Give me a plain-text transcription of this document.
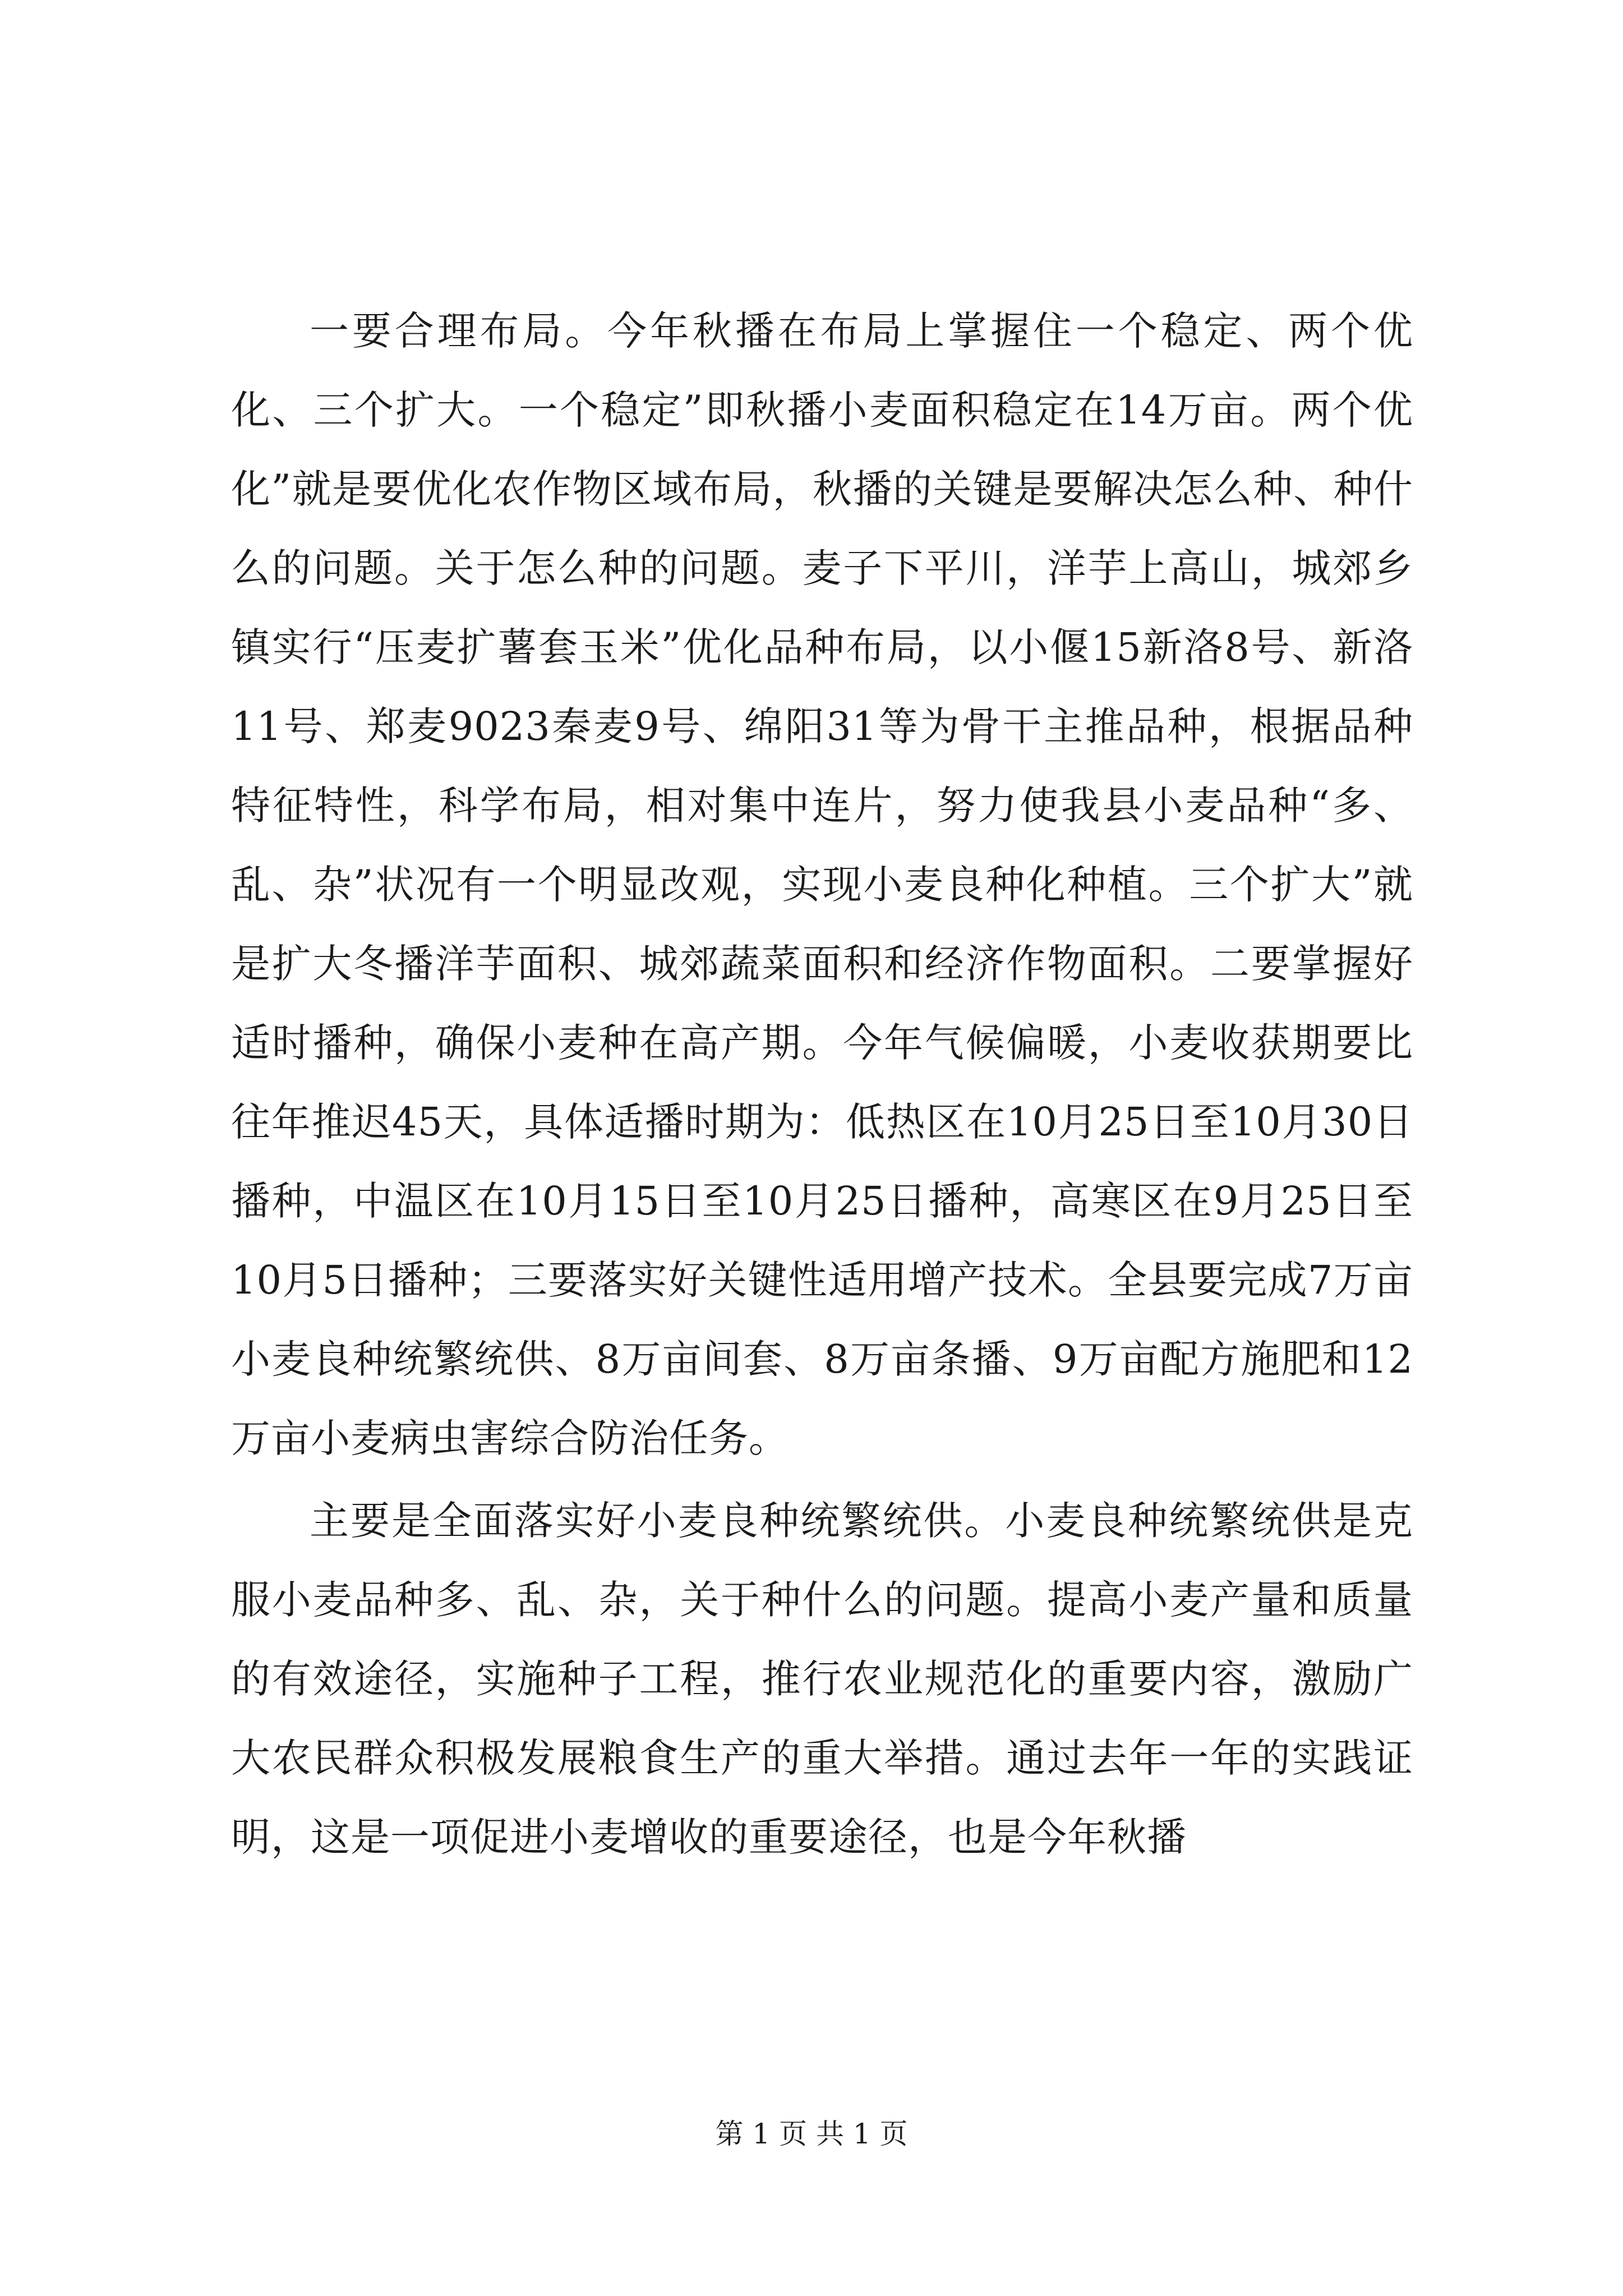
一要合理布局。今年秋播在布局上掌握住一个稳定、两个优化、三个扩大。一个稳定”即秋播小麦面积稳定在14万亩。两个优化”就是要优化农作物区域布局，秋播的关键是要解决怎么种、种什么的问题。关于怎么种的问题。麦子下平川，洋芋上高山，城郊乡镇实行“压麦扩薯套玉米”优化品种布局，以小偃15新洛8号、新洛11号、郑麦9023秦麦9号、绵阳31等为骨干主推品种，根据品种特征特性，科学布局，相对集中连片，努力使我县小麦品种“多、乱、杂”状况有一个明显改观，实现小麦良种化种植。三个扩大”就是扩大冬播洋芋面积、城郊蔬菜面积和经济作物面积。二要掌握好适时播种，确保小麦种在高产期。今年气候偏暖，小麦收获期要比往年推迟45天，具体适播时期为：低热区在10月25日至10月30日播种，中温区在10月15日至10月25日播种，高寒区在9月25日至10月5日播种；三要落实好关键性适用增产技术。全县要完成7万亩小麦良种统繁统供、8万亩间套、8万亩条播、9万亩配方施肥和12万亩小麦病虫害综合防治任务。

主要是全面落实好小麦良种统繁统供。小麦良种统繁统供是克服小麦品种多、乱、杂，关于种什么的问题。提高小麦产量和质量的有效途径，实施种子工程，推行农业规范化的重要内容，激励广大农民群众积极发展粮食生产的重大举措。通过去年一年的实践证明，这是一项促进小麦增收的重要途径，也是今年秋播

第 1 页 共 1 页
